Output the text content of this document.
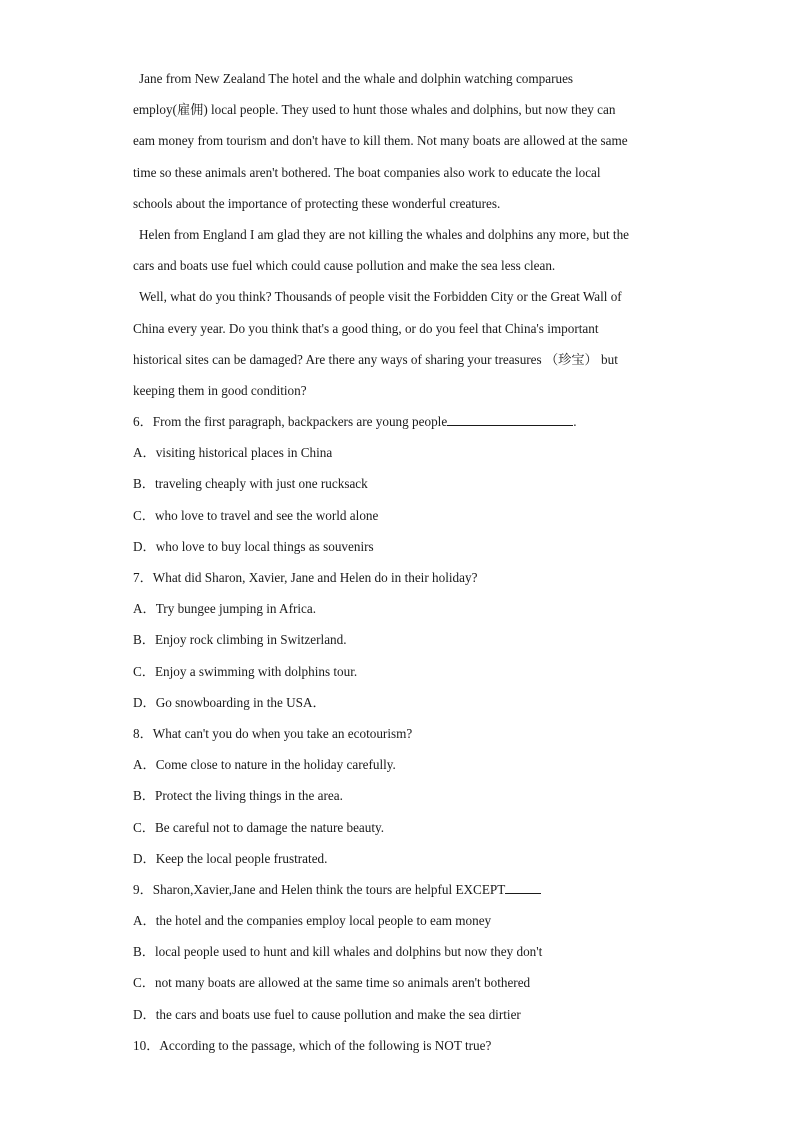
Jane from New Zealand The hotel and the whale and dolphin watching comparues
employ(雇佣) local people. They used to hunt those whales and dolphins, but now they can
eam money from tourism and don't have to kill them. Not many boats are allowed at the same
time so these animals aren't bothered. The boat companies also work to educate the local
schools about the importance of protecting these wonderful creatures.
Helen from England I am glad they are not killing the whales and dolphins any more, but the
cars and boats use fuel which could cause pollution and make the sea less clean.
Well, what do you think? Thousands of people visit the Forbidden City or the Great Wall of
China every year. Do you think that's a good thing, or do you feel that China's important
historical sites can be damaged? Are there any ways of sharing your treasures （珍宝） but
keeping them in good condition?
6．From the first paragraph, backpackers are young people	.
A．visiting historical places in China
B．traveling cheaply with just one rucksack
C．who love to travel and see the world alone
D．who love to buy local things as souvenirs
7．What did Sharon, Xavier, Jane and Helen do in their holiday?
A．Try bungee jumping in Africa.
B．Enjoy rock climbing in Switzerland.
C．Enjoy a swimming with dolphins tour.
D．Go snowboarding in the USA．
8．What can't you do when you take an ecotourism?
A．Come close to nature in the holiday carefully.
B．Protect the living things in the area.
C．Be careful not to damage the nature beauty.
D．Keep the local people frustrated.
9．Sharon,Xavier,Jane and Helen think the tours are helpful EXCEPT
A．the hotel and the companies employ local people to eam money
B．local people used to hunt and kill whales and dolphins but now they don't
C．not many boats are allowed at the same time so animals aren't bothered
D．the cars and boats use fuel to cause pollution and make the sea dirtier
10．According to the passage, which of the following is NOT true?
